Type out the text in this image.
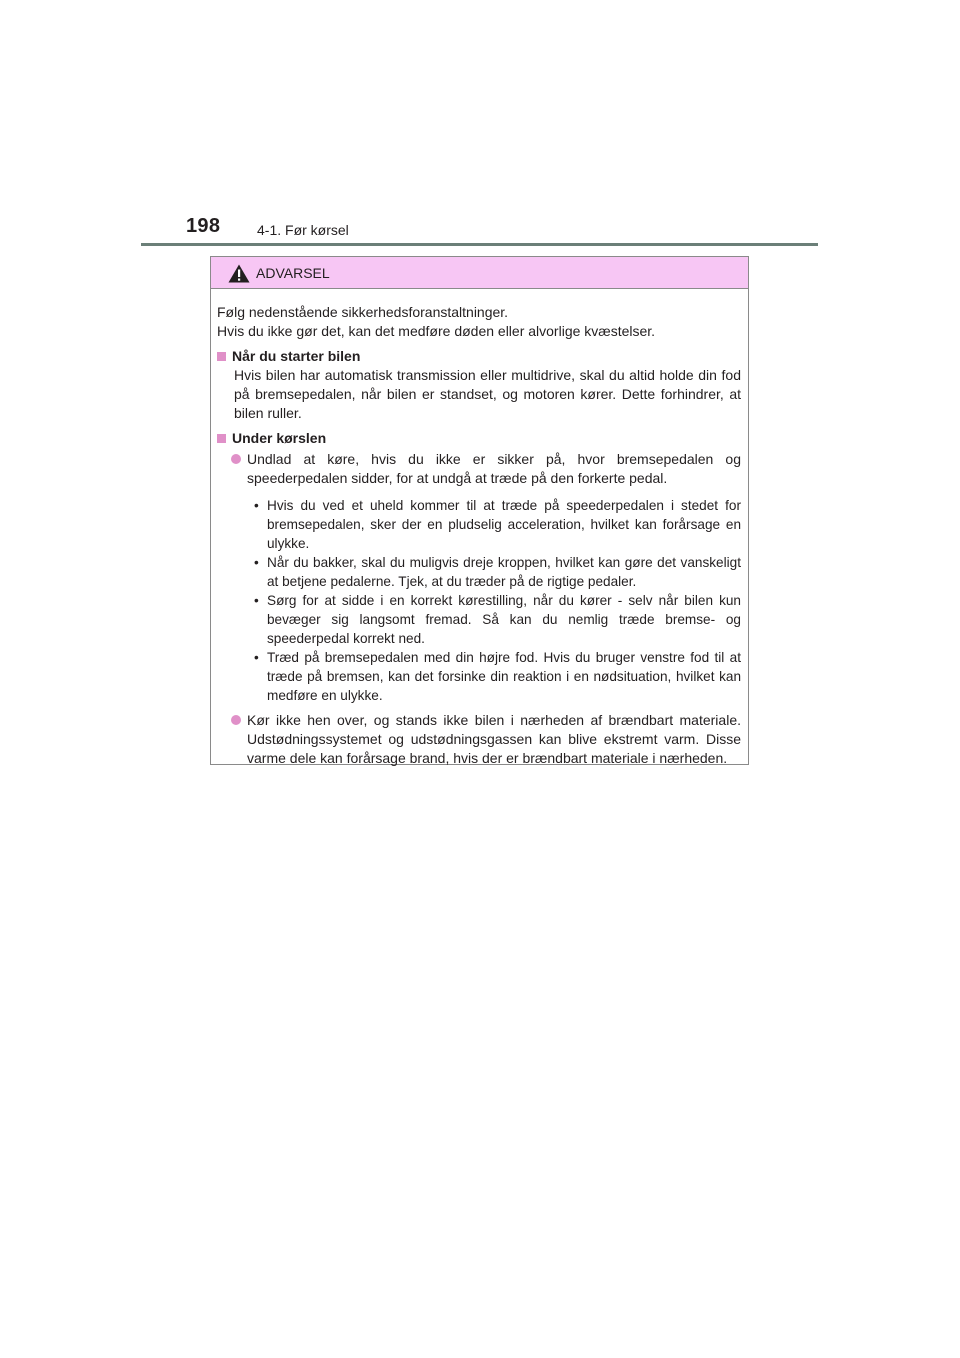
198	4-1. Før kørsel
ADVARSEL

Følg nedenstående sikkerhedsforanstaltninger.

Hvis du ikke gør det, kan det medføre døden eller alvorlige kvæstelser.

Når du starter bilen

Hvis bilen har automatisk transmission eller multidrive, skal du altid holde din fod på bremsepedalen, når bilen er standset, og motoren kører. Dette forhindrer, at bilen ruller.

Under kørslen
Undlad at køre, hvis du ikke er sikker på, hvor bremsepedalen og speederpedalen sidder, for at undgå at træde på den forkerte pedal.
• Hvis du ved et uheld kommer til at træde på speederpedalen i stedet for bremsepedalen, sker der en pludselig acceleration, hvilket kan forårsage en ulykke.
• Når du bakker, skal du muligvis dreje kroppen, hvilket kan gøre det vanskeligt at betjene pedalerne. Tjek, at du træder på de rigtige pedaler.
• Sørg for at sidde i en korrekt kørestilling, når du kører - selv når bilen kun bevæger sig langsomt fremad. Så kan du nemlig træde bremse- og speederpedal korrekt ned.
• Træd på bremsepedalen med din højre fod. Hvis du bruger venstre fod til at træde på bremsen, kan det forsinke din reaktion i en nødsituation, hvilket kan medføre en ulykke.
Kør ikke hen over, og stands ikke bilen i nærheden af brændbart materiale. Udstødningssystemet og udstødningsgassen kan blive ekstremt varm. Disse varme dele kan forårsage brand, hvis der er brændbart materiale i nærheden.
